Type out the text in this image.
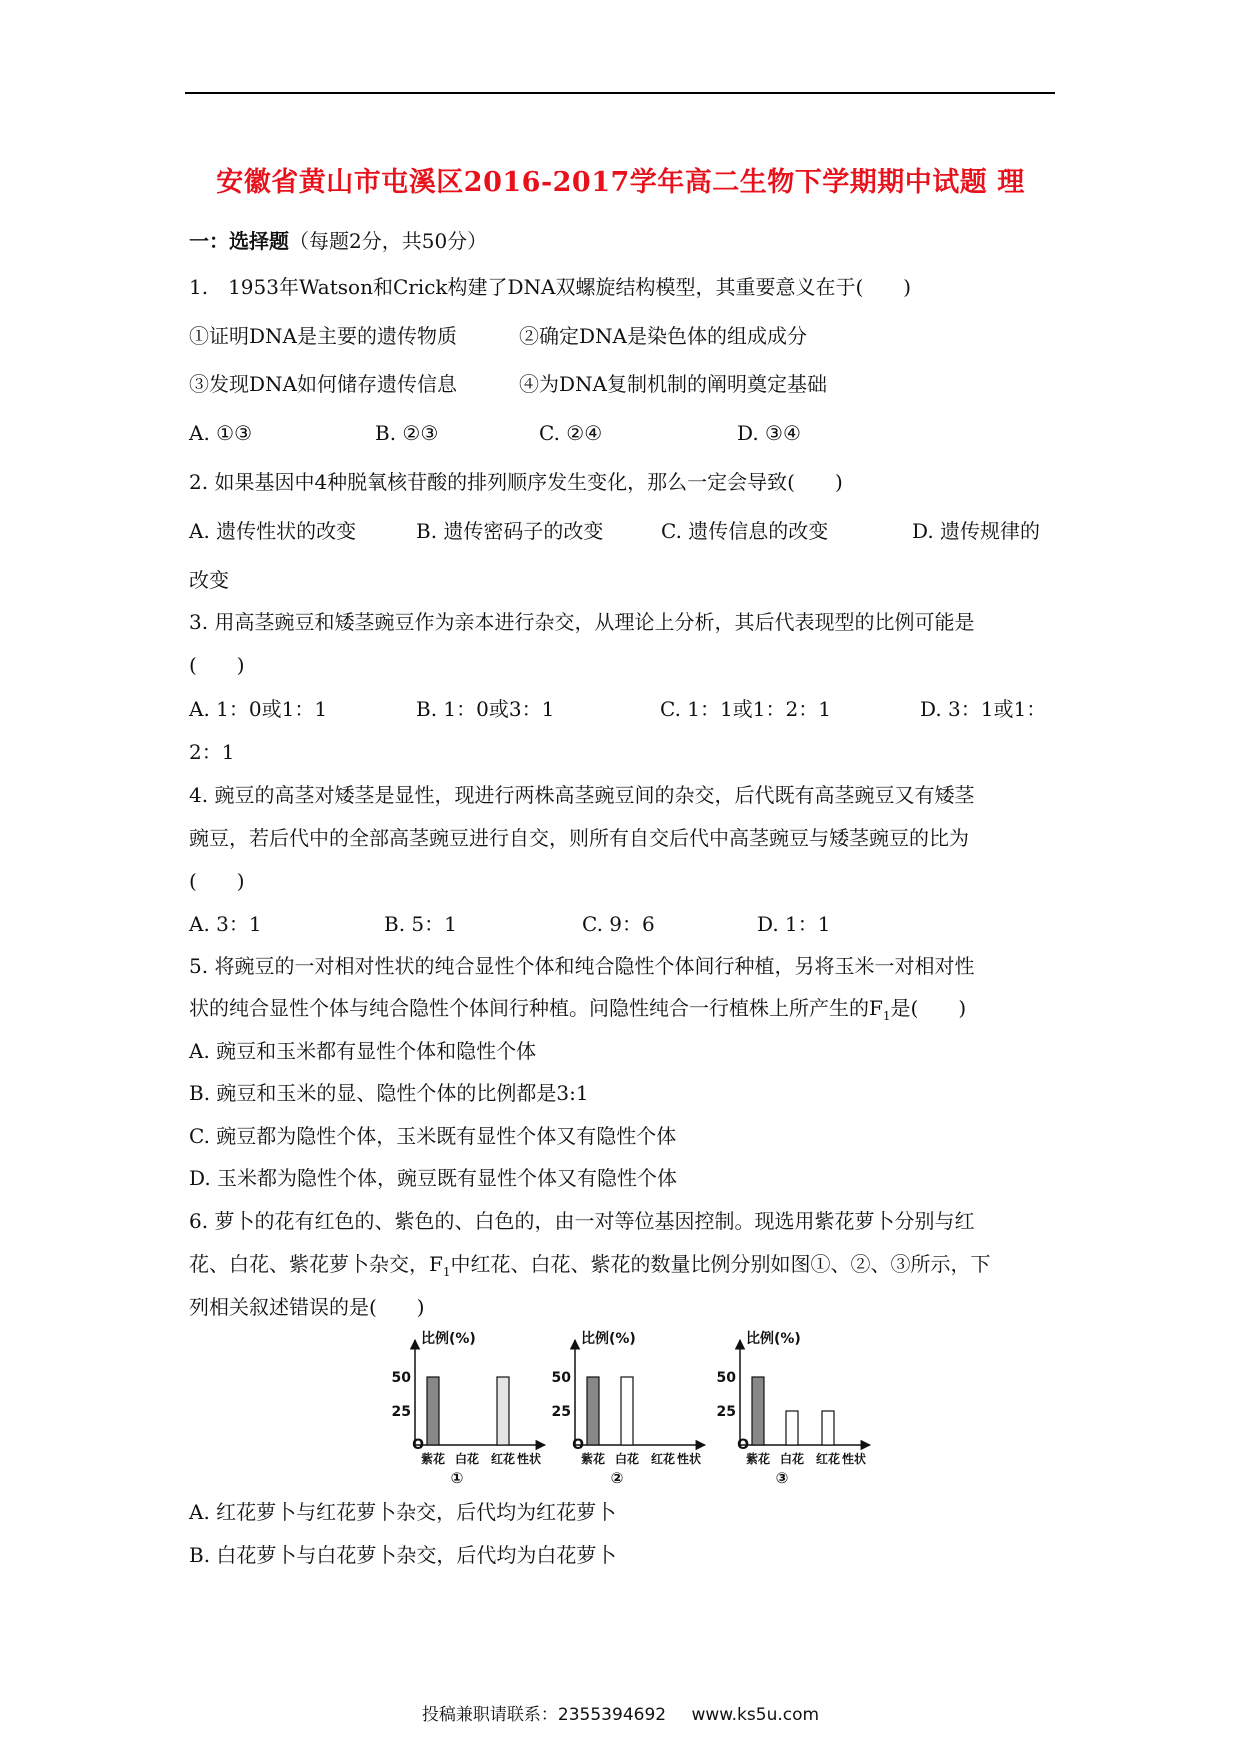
安徽省黄山市屯溪区2016-2017学年高二生物下学期期中试题 理
一：选择题（每题2分，共50分）
1.　1953年Watson和Crick构建了DNA双螺旋结构模型，其重要意义在于(　　)
①证明DNA是主要的遗传物质	②确定DNA是染色体的组成成分
③发现DNA如何储存遗传信息	④为DNA复制机制的阐明奠定基础
A. ①③	B. ②③	C. ②④	D. ③④
2. 如果基因中4种脱氧核苷酸的排列顺序发生变化，那么一定会导致(　　)
A. 遗传性状的改变	B. 遗传密码子的改变	C. 遗传信息的改变	D. 遗传规律的
改变
3. 用高茎豌豆和矮茎豌豆作为亲本进行杂交，从理论上分析，其后代表现型的比例可能是
(　　)
A. 1：0或1：1	B. 1：0或3：1	C. 1：1或1：2：1	D. 3：1或1：
2：1
4. 豌豆的高茎对矮茎是显性，现进行两株高茎豌豆间的杂交，后代既有高茎豌豆又有矮茎
豌豆，若后代中的全部高茎豌豆进行自交，则所有自交后代中高茎豌豆与矮茎豌豆的比为
(　　)
A. 3：1	B. 5：1	C. 9：6	D. 1：1
5. 将豌豆的一对相对性状的纯合显性个体和纯合隐性个体间行种植，另将玉米一对相对性
状的纯合显性个体与纯合隐性个体间行种植。问隐性纯合一行植株上所产生的$F_1$是(　　)
A. 豌豆和玉米都有显性个体和隐性个体
B. 豌豆和玉米的显、隐性个体的比例都是3:1
C. 豌豆都为隐性个体，玉米既有显性个体又有隐性个体
D. 玉米都为隐性个体，豌豆既有显性个体又有隐性个体
6. 萝卜的花有红色的、紫色的、白色的，由一对等位基因控制。现选用紫花萝卜分别与红
花、白花、紫花萝卜杂交，$F_1$中红花、白花、紫花的数量比例分别如图①、②、③所示，下
列相关叙述错误的是(　　)
比例(%)
O
50
25
紫花 白花 红花 性状
①
比例(%)
O
50
25
紫花 白花 红花 性状
②
比例(%)
O
50
25
紫花 白花 红花 性状
③
A. 红花萝卜与红花萝卜杂交，后代均为红花萝卜
B. 白花萝卜与白花萝卜杂交，后代均为白花萝卜
投稿兼职请联系：2355394692 www.ks5u.com
